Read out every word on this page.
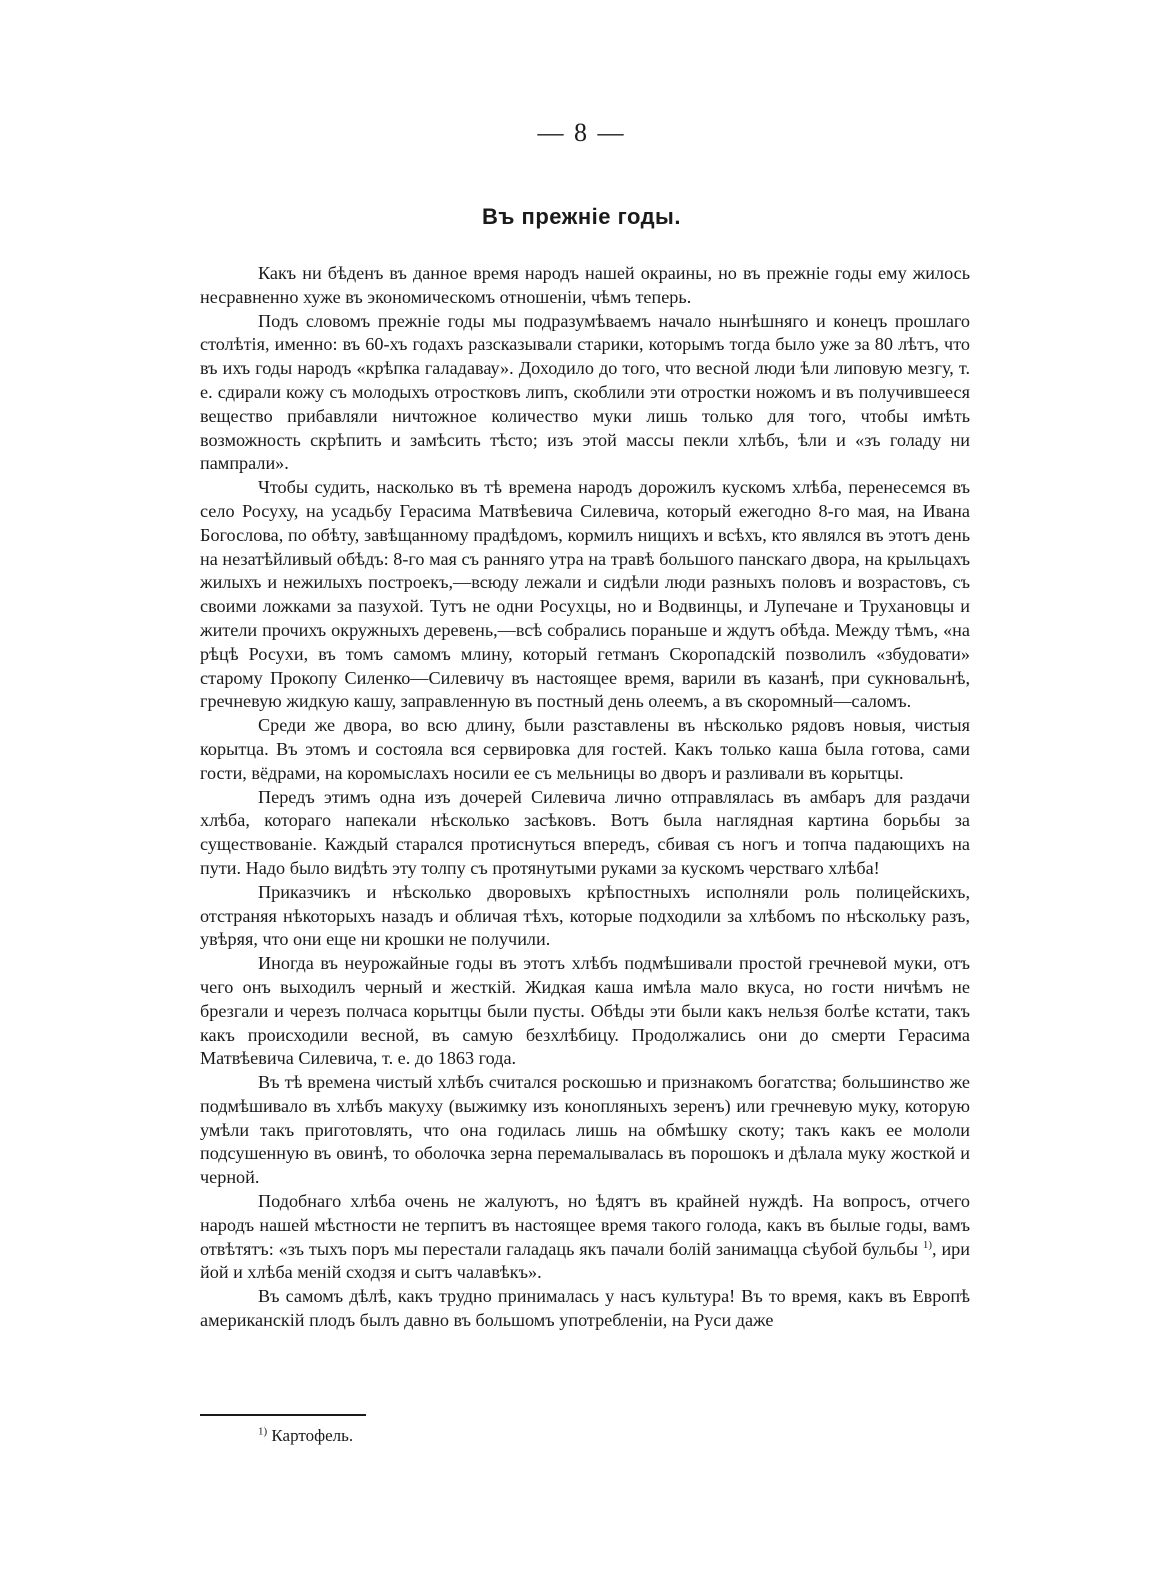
— 8 —
Въ прежніе годы.

Какъ ни бѣденъ въ данное время народъ нашей окраины, но въ прежніе годы ему жилось несравненно хуже въ экономическомъ отношеніи, чѣмъ теперь.

Подъ словомъ прежніе годы мы подразумѣваемъ начало нынѣшняго и конецъ прошлаго столѣтія, именно: въ 60-хъ годахъ разсказывали старики, которымъ тогда было уже за 80 лѣтъ, что въ ихъ годы народъ «крѣпка галадавау». Доходило до того, что весной люди ѣли липовую мезгу, т. е. сдирали кожу съ молодыхъ отростковъ липъ, скоблили эти отростки ножомъ и въ получившееся вещество прибавляли ничтожное количество муки лишь только для того, чтобы имѣть возможность скрѣпить и замѣсить тѣсто; изъ этой массы пекли хлѣбъ, ѣли и «зъ голаду ни пампрали».

Чтобы судить, насколько въ тѣ времена народъ дорожилъ кускомъ хлѣба, перенесемся въ село Росуху, на усадьбу Герасима Матвѣевича Силевича, который ежегодно 8-го мая, на Ивана Богослова, по обѣту, завѣщанному прадѣдомъ, кормилъ нищихъ и всѣхъ, кто являлся въ этотъ день на незатѣйливый обѣдъ: 8-го мая съ ранняго утра на травѣ большого панскаго двора, на крыльцахъ жилыхъ и нежилыхъ построекъ,—всюду лежали и сидѣли люди разныхъ половъ и возрастовъ, съ своими ложками за пазухой. Тутъ не одни Росухцы, но и Водвинцы, и Лупечане и Трухановцы и жители прочихъ окружныхъ деревень,—всѣ собрались пораньше и ждутъ обѣда. Между тѣмъ, «на рѣцѣ Росухи, въ томъ самомъ млину, который гетманъ Скоропадскій позволилъ «збудовати» старому Прокопу Силенко—Силевичу въ настоящее время, варили въ казанѣ, при сукновальнѣ, гречневую жидкую кашу, заправленную въ постный день олеемъ, а въ скоромный—саломъ.

Среди же двора, во всю длину, были разставлены въ нѣсколько рядовъ новыя, чистыя корытца. Въ этомъ и состояла вся сервировка для гостей. Какъ только каша была готова, сами гости, вёдрами, на коромыслахъ носили ее съ мельницы во дворъ и разливали въ корытцы.

Передъ этимъ одна изъ дочерей Силевича лично отправлялась въ амбаръ для раздачи хлѣба, котораго напекали нѣсколько засѣковъ. Вотъ была наглядная картина борьбы за существованіе. Каждый старался протиснуться впередъ, сбивая съ ногъ и топча падающихъ на пути. Надо было видѣть эту толпу съ протянутыми руками за кускомъ черстваго хлѣба!

Приказчикъ и нѣсколько дворовыхъ крѣпостныхъ исполняли роль полицейскихъ, отстраняя нѣкоторыхъ назадъ и обличая тѣхъ, которые подходили за хлѣбомъ по нѣскольку разъ, увѣряя, что они еще ни крошки не получили.

Иногда въ неурожайные годы въ этотъ хлѣбъ подмѣшивали простой гречневой муки, отъ чего онъ выходилъ черный и жесткій. Жидкая каша имѣла мало вкуса, но гости ничѣмъ не брезгали и черезъ полчаса корытцы были пусты. Обѣды эти были какъ нельзя болѣе кстати, такъ какъ происходили весной, въ самую безхлѣбицу. Продолжались они до смерти Герасима Матвѣевича Силевича, т. е. до 1863 года.

Въ тѣ времена чистый хлѣбъ считался роскошью и признакомъ богатства; большинство же подмѣшивало въ хлѣбъ макуху (выжимку изъ конопляныхъ зеренъ) или гречневую муку, которую умѣли такъ приготовлять, что она годилась лишь на обмѣшку скоту; такъ какъ ее мололи подсушенную въ овинѣ, то оболочка зерна перемалывалась въ порошокъ и дѣлала муку жосткой и черной.

Подобнаго хлѣба очень не жалуютъ, но ѣдятъ въ крайней нуждѣ. На вопросъ, отчего народъ нашей мѣстности не терпитъ въ настоящее время такого голода, какъ въ былые годы, вамъ отвѣтятъ: «зъ тыхъ поръ мы перестали галадаць якъ пачали болій занимацца сѣубой бульбы $^{1)}$, ири йой и хлѣба меній сходзя и сытъ чалавѣкъ».

Въ самомъ дѣлѣ, какъ трудно принималась у насъ культура! Въ то время, какъ въ Европѣ американскій плодъ былъ давно въ большомъ употребленіи, на Руси даже

$^{1)}$ Картофель.
